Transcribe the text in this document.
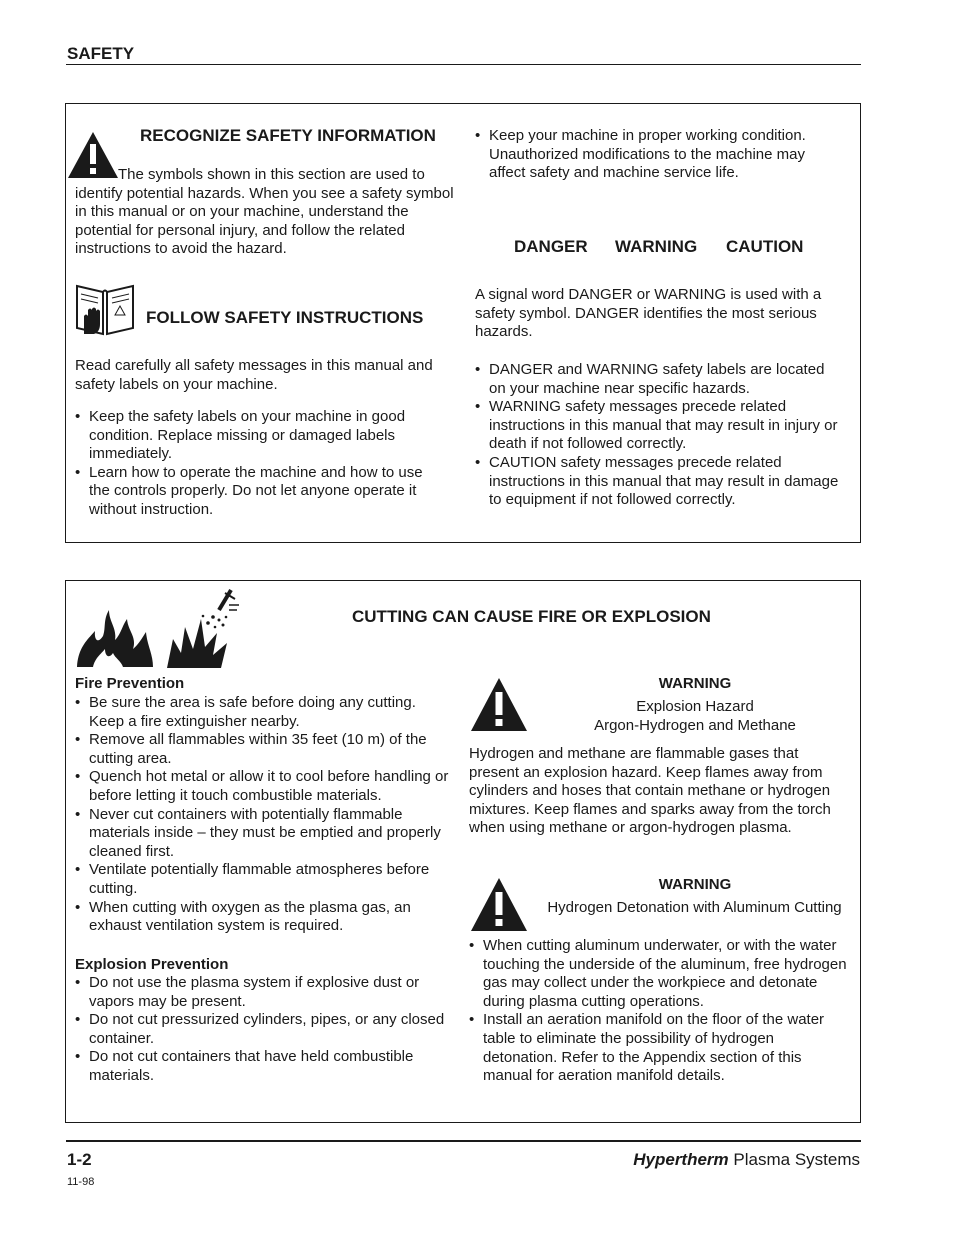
SAFETY
RECOGNIZE SAFETY INFORMATION
The symbols shown in this section are used to identify potential hazards. When you see a safety symbol in this manual or on your machine, understand the potential for personal injury, and follow the related instructions to avoid the hazard.
FOLLOW SAFETY INSTRUCTIONS
Read carefully all safety messages in this manual and safety labels on your machine.
• Keep the safety labels on your machine in good condition. Replace missing or damaged labels immediately.
• Learn how to operate the machine and how to use the controls properly. Do not let anyone operate it without instruction.
• Keep your machine in proper working condition. Unauthorized modifications to the machine may affect safety and machine service life.
DANGER WARNING CAUTION
A signal word DANGER or WARNING is used with a safety symbol. DANGER identifies the most serious hazards.
• DANGER and WARNING safety labels are located on your machine near specific hazards.
• WARNING safety messages precede related instructions in this manual that may result in injury or death if not followed correctly.
• CAUTION safety messages precede related instructions in this manual that may result in damage to equipment if not followed correctly.
CUTTING CAN CAUSE FIRE OR EXPLOSION
Fire Prevention
• Be sure the area is safe before doing any cutting. Keep a fire extinguisher nearby.
• Remove all flammables within 35 feet (10 m) of the cutting area.
• Quench hot metal or allow it to cool before handling or before letting it touch combustible materials.
• Never cut containers with potentially flammable materials inside – they must be emptied and properly cleaned first.
• Ventilate potentially flammable atmospheres before cutting.
• When cutting with oxygen as the plasma gas, an exhaust ventilation system is required.
Explosion Prevention
• Do not use the plasma system if explosive dust or vapors may be present.
• Do not cut pressurized cylinders, pipes, or any closed container.
• Do not cut containers that have held combustible materials.
WARNING
Explosion Hazard
Argon-Hydrogen and Methane
Hydrogen and methane are flammable gases that present an explosion hazard. Keep flames away from cylinders and hoses that contain methane or hydrogen mixtures. Keep flames and sparks away from the torch when using methane or argon-hydrogen plasma.
WARNING
Hydrogen Detonation with Aluminum Cutting
• When cutting aluminum underwater, or with the water touching the underside of the aluminum, free hydrogen gas may collect under the workpiece and detonate during plasma cutting operations.
• Install an aeration manifold on the floor of the water table to eliminate the possibility of hydrogen detonation. Refer to the Appendix section of this manual for aeration manifold details.
1-2
11-98
Hypertherm Plasma Systems
